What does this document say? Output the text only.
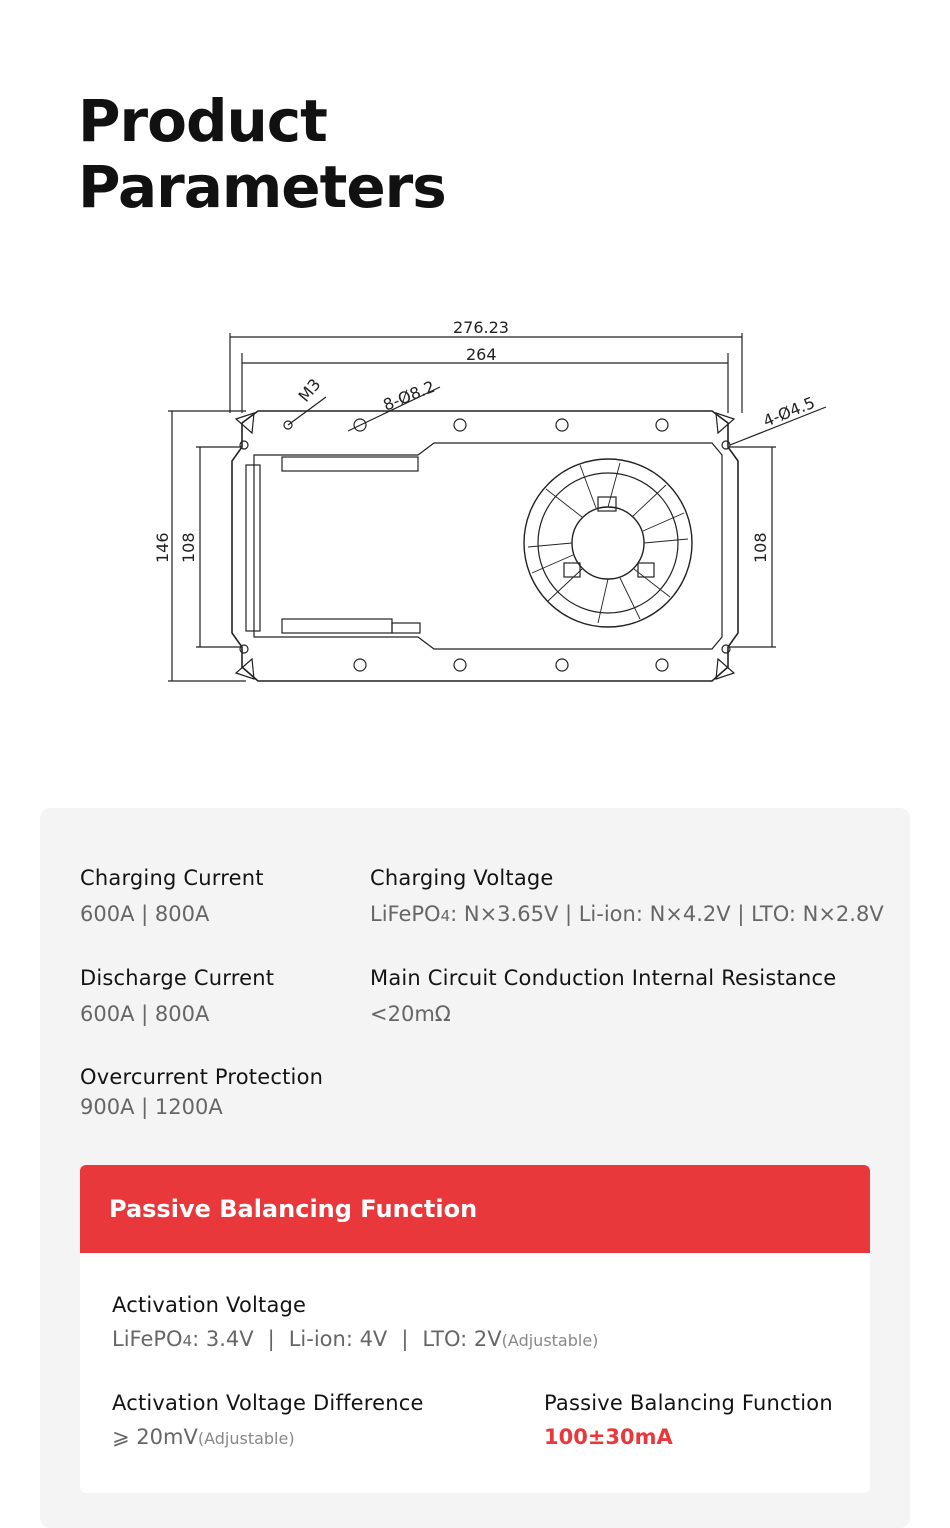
Product
Parameters
276.23
264
146 108	108
M3	8-Ø8.2	4-Ø4.5
Charging Current
600A | 800A
Charging Voltage
LiFePO4: N×3.65V | Li-ion: N×4.2V | LTO: N×2.8V
Discharge Current
600A | 800A
Main Circuit Conduction Internal Resistance
<20mΩ
Overcurrent Protection
900A | 1200A
Passive Balancing Function
Activation Voltage
LiFePO4: 3.4V | Li-ion: 4V | LTO: 2V(Adjustable)
Activation Voltage Difference
⩾ 20mV(Adjustable)
Passive Balancing Function
100±30mA
